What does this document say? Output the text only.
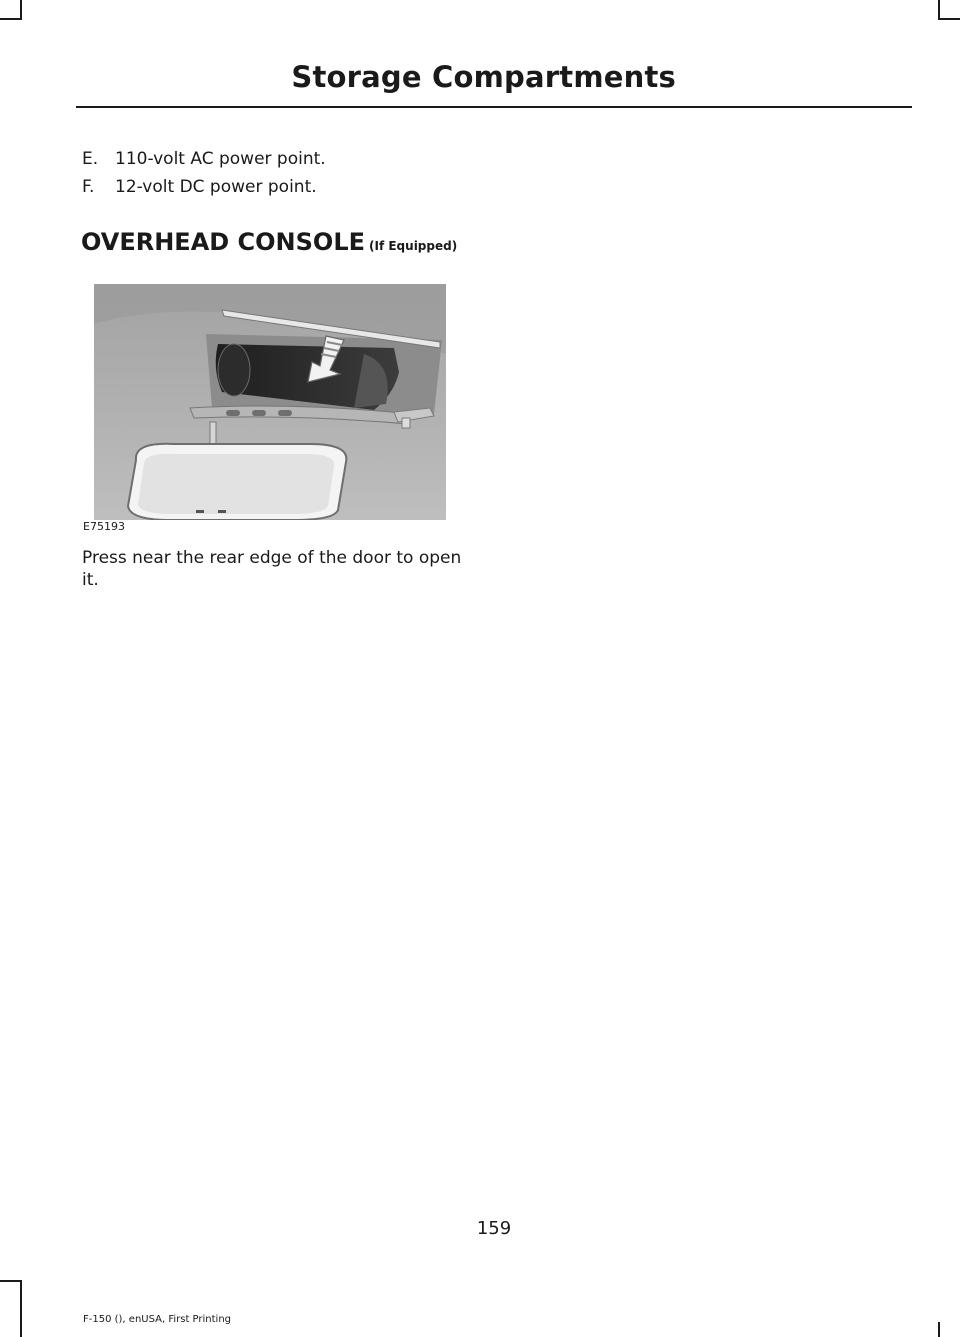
Storage Compartments
E. 110-volt AC power point.
F. 12-volt DC power point.
OVERHEAD CONSOLE (If Equipped)
E75193
Press near the rear edge of the door to open it.
159
F-150 (), enUSA, First Printing
